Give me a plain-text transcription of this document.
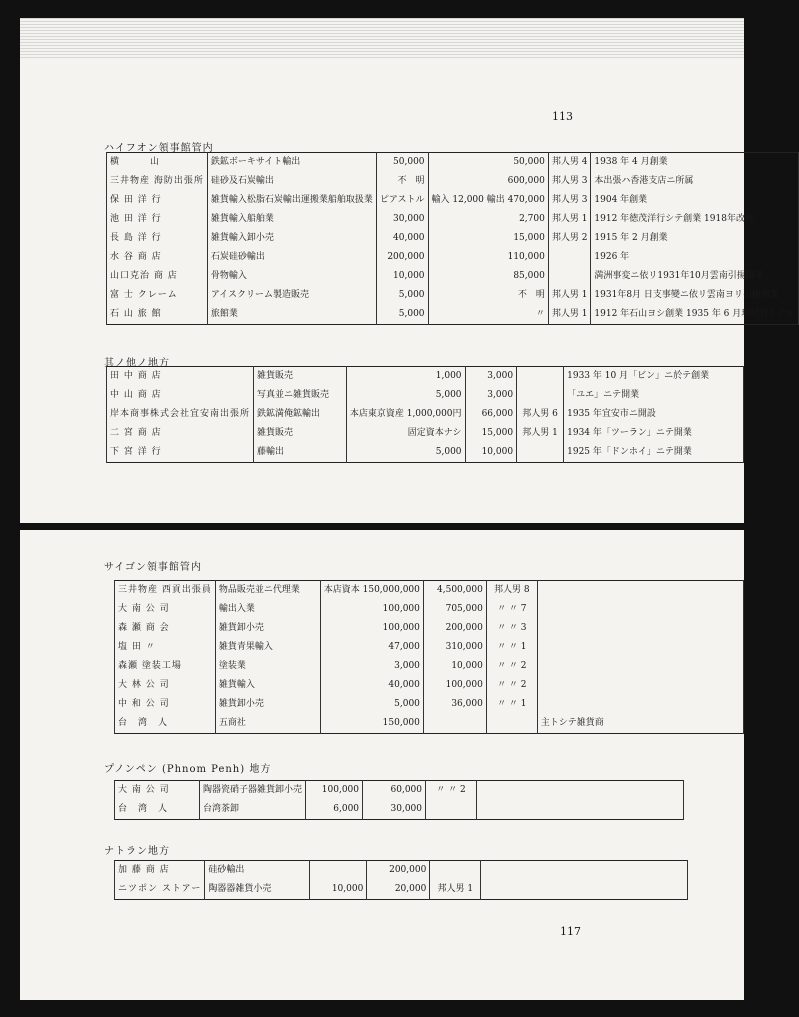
113
ハイフオン領事館管内
横　　　山	鉄鉱ボーキサイト輸出	50,000	50,000	邦人男 4	1938 年 4 月創業
三井物産 海防出張所	硅砂及石炭輸出	不　明	600,000	邦人男 3	本出張ハ香港支店ニ所属
保 田 洋 行	雑貨輸入松脂石炭輸出運搬業船舶取扱業	ピアストル	輸入 12,000 輸出 470,000	邦人男 3	1904 年創業
池 田 洋 行	雑貨輸入船舶業	30,000	2,700	邦人男 1	1912 年徳茂洋行シテ創業 1918年改称
長 島 洋 行	雑貨輸入卸小売	40,000	15,000	邦人男 2	1915 年 2 月創業
水 谷 商 店	石炭硅砂輸出	200,000	110,000		1926 年
山口克治 商 店	骨物輸入	10,000	85,000		満洲事変ニ依リ1931年10月雲南引揚閉業
富 士 クレーム	アイスクリーム製造販売	5,000	不　明	邦人男 1	1931年8月 日支事變ニ依リ雲南ヨリ引揚開業
石 山 旅 館	旅館業	5,000	〃	邦人男 1	1912 年石山ヨシ創業 1935 年 6 月現経営トナル
其ノ他ノ地方
田 中 商 店	雑貨販売	1,000	3,000		1933 年 10 月「ビン」ニ於テ創業
中 山 商 店	写真並ニ雑貨販売	5,000	3,000		「ユエ」ニテ開業
岸本商事株式会社宜安南出張所	鉄鉱満俺鉱輸出	本店東京資産 1,000,000円	66,000	邦人男 6	1935 年宜安市ニ開設
二 宮 商 店	雑貨販売	固定資本ナシ	15,000	邦人男 1	1934 年「ツーラン」ニテ開業
下 宮 洋 行	藤輸出	5,000	10,000		1925 年「ドンホイ」ニテ開業
サイゴン領事館管内
三井物産 西貢出張員	物品販売並ニ代理業	本店資本 150,000,000	4,500,000	邦人男 8	
大 南 公 司	輸出入業	100,000	705,000	〃 〃 7	
森 瀬 商 会	雑貨卸小売	100,000	200,000	〃 〃 3	
塩 田 〃	雑貨青果輸入	47,000	310,000	〃 〃 1	
森瀬 塗装工場	塗装業	3,000	10,000	〃 〃 2	
大 林 公 司	雑貨輸入	40,000	100,000	〃 〃 2	
中 和 公 司	雑貨卸小売	5,000	36,000	〃 〃 1	
台　湾　人	五商社	150,000			主トシテ雑貨商
プノンペン (Phnom Penh) 地方
大 南 公 司	陶器瓷硝子器雑貨卸小売	100,000	60,000	〃 〃 2	
台　湾　人	台湾茶卸	6,000	30,000		
ナトラン地方
加 藤 商 店	硅砂輸出		200,000		
ニツポン ストアー	陶器器雑貨小売	10,000	20,000	邦人男 1	
117
